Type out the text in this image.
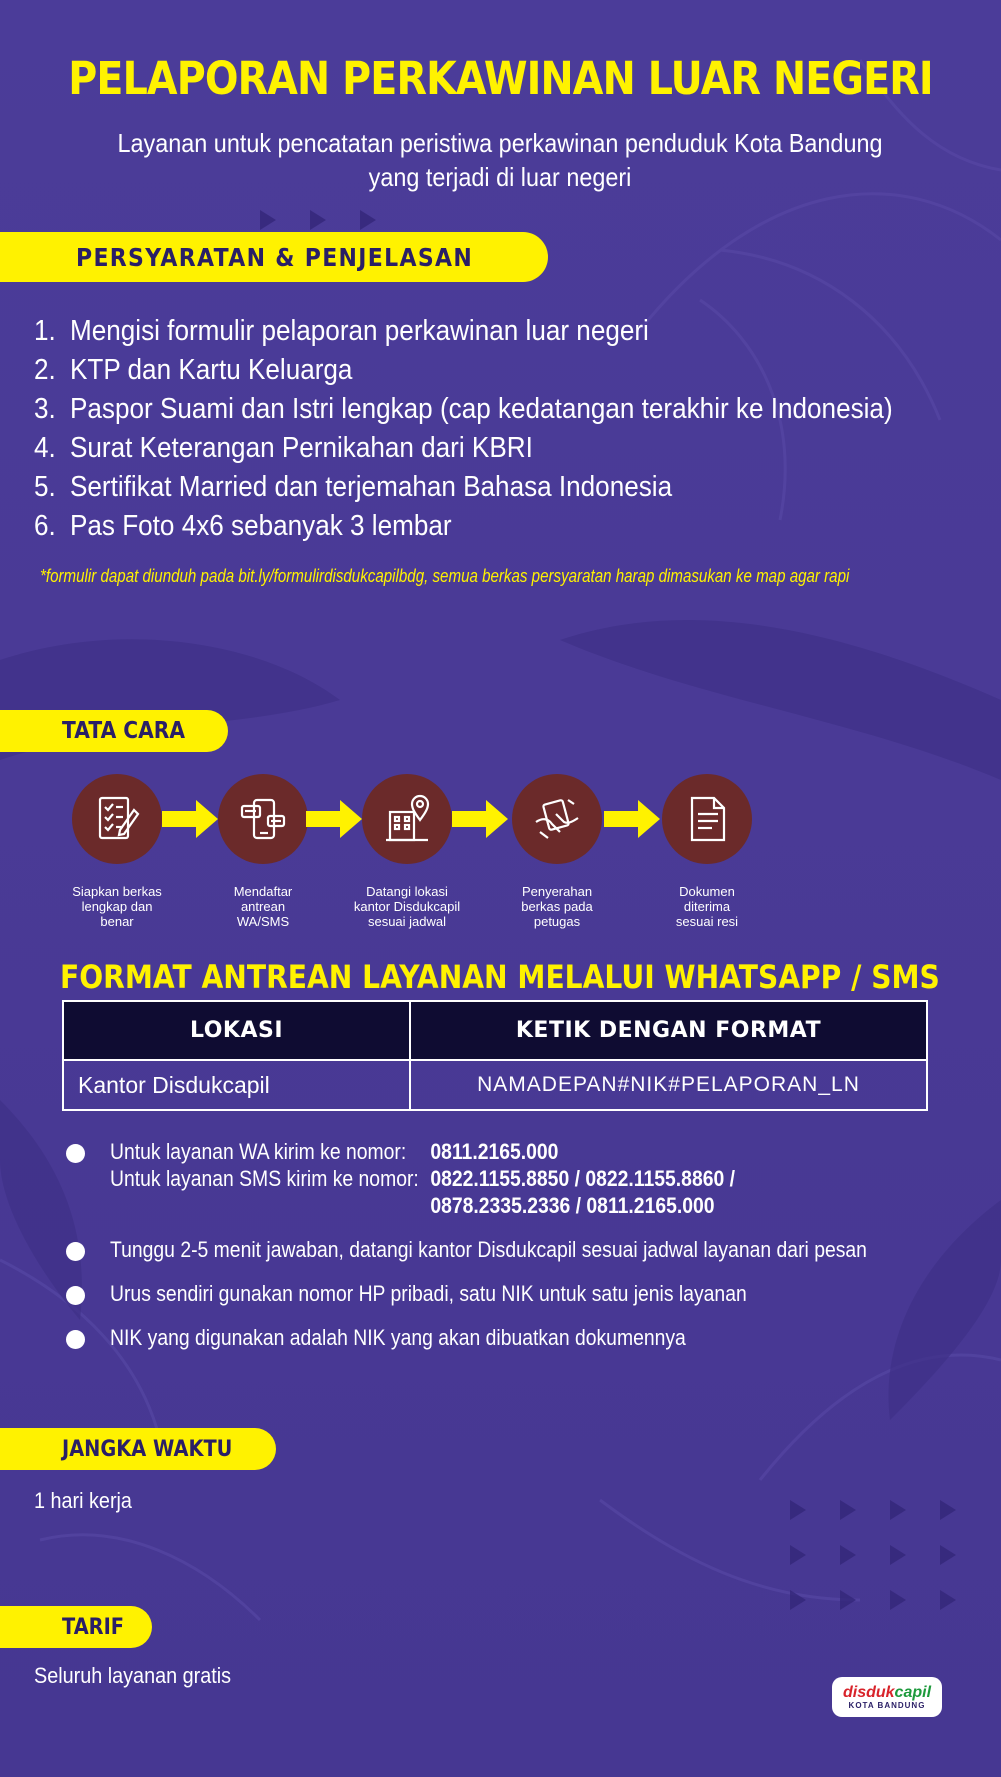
PELAPORAN PERKAWINAN LUAR NEGERI
Layanan untuk pencatatan peristiwa perkawinan penduduk Kota Bandung
yang terjadi di luar negeri
PERSYARATAN & PENJELASAN
1. Mengisi formulir pelaporan perkawinan luar negeri
2. KTP dan Kartu Keluarga
3. Paspor Suami dan Istri lengkap (cap kedatangan terakhir ke Indonesia)
4. Surat Keterangan Pernikahan dari KBRI
5. Sertifikat Married dan terjemahan Bahasa Indonesia
6. Pas Foto 4x6 sebanyak 3 lembar
*formulir dapat diunduh pada bit.ly/formulirdisdukcapilbdg, semua berkas persyaratan harap dimasukan ke map agar rapi
TATA CARA
Siapkan berkas
lengkap dan
benar
Mendaftar
antrean
WA/SMS
Datangi lokasi
kantor Disdukcapil
sesuai jadwal
Penyerahan
berkas pada
petugas
Dokumen
diterima
sesuai resi
FORMAT ANTREAN LAYANAN MELALUI WHATSAPP / SMS
LOKASI	KETIK DENGAN FORMAT
Kantor Disdukcapil	NAMADEPAN#NIK#PELAPORAN_LN
Untuk layanan WA kirim ke nomor:	0811.2165.000
Untuk layanan SMS kirim ke nomor: 0822.1155.8850 / 0822.1155.8860 /
0878.2335.2336 / 0811.2165.000
Tunggu 2-5 menit jawaban, datangi kantor Disdukcapil sesuai jadwal layanan dari pesan
Urus sendiri gunakan nomor HP pribadi, satu NIK untuk satu jenis layanan
NIK yang digunakan adalah NIK yang akan dibuatkan dokumennya
JANGKA WAKTU
1 hari kerja
TARIF
Seluruh layanan gratis
disdukcapil
KOTA BANDUNG
